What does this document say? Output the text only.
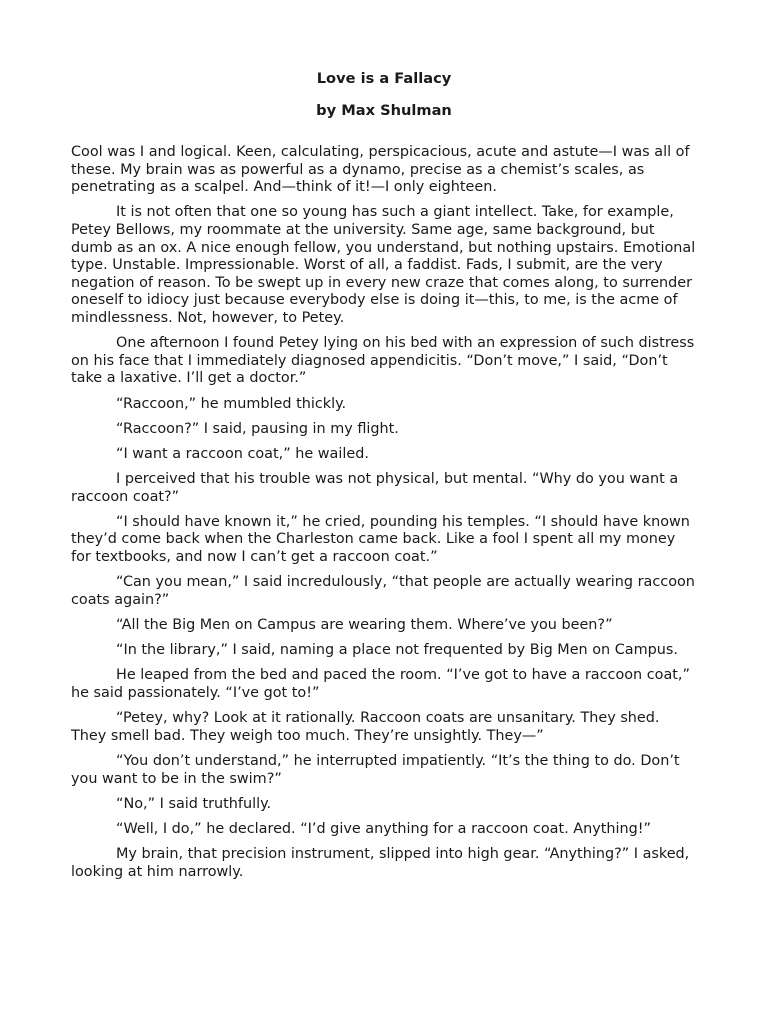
Love is a Fallacy
by Max Shulman

Cool was I and logical. Keen, calculating, perspicacious, acute and astute—I was all of these. My brain was as powerful as a dynamo, precise as a chemist’s scales, as penetrating as a scalpel. And—think of it!—I only eighteen.

It is not often that one so young has such a giant intellect. Take, for example, Petey Bellows, my roommate at the university. Same age, same background, but dumb as an ox. A nice enough fellow, you understand, but nothing upstairs. Emotional type. Unstable. Impressionable. Worst of all, a faddist. Fads, I submit, are the very negation of reason. To be swept up in every new craze that comes along, to surrender oneself to idiocy just because everybody else is doing it—this, to me, is the acme of mindlessness. Not, however, to Petey.

One afternoon I found Petey lying on his bed with an expression of such distress on his face that I immediately diagnosed appendicitis. “Don’t move,” I said, “Don’t take a laxative. I’ll get a doctor.”

“Raccoon,” he mumbled thickly.

“Raccoon?” I said, pausing in my flight.

“I want a raccoon coat,” he wailed.

I perceived that his trouble was not physical, but mental. “Why do you want a raccoon coat?”

“I should have known it,” he cried, pounding his temples. “I should have known they’d come back when the Charleston came back. Like a fool I spent all my money for textbooks, and now I can’t get a raccoon coat.”

“Can you mean,” I said incredulously, “that people are actually wearing raccoon coats again?”

“All the Big Men on Campus are wearing them. Where’ve you been?”

“In the library,” I said, naming a place not frequented by Big Men on Campus.

He leaped from the bed and paced the room. “I’ve got to have a raccoon coat,” he said passionately. “I’ve got to!”

“Petey, why? Look at it rationally. Raccoon coats are unsanitary. They shed. They smell bad. They weigh too much. They’re unsightly. They—”

“You don’t understand,” he interrupted impatiently. “It’s the thing to do. Don’t you want to be in the swim?”

“No,” I said truthfully.

“Well, I do,” he declared. “I’d give anything for a raccoon coat. Anything!”

My brain, that precision instrument, slipped into high gear. “Anything?” I asked, looking at him narrowly.
